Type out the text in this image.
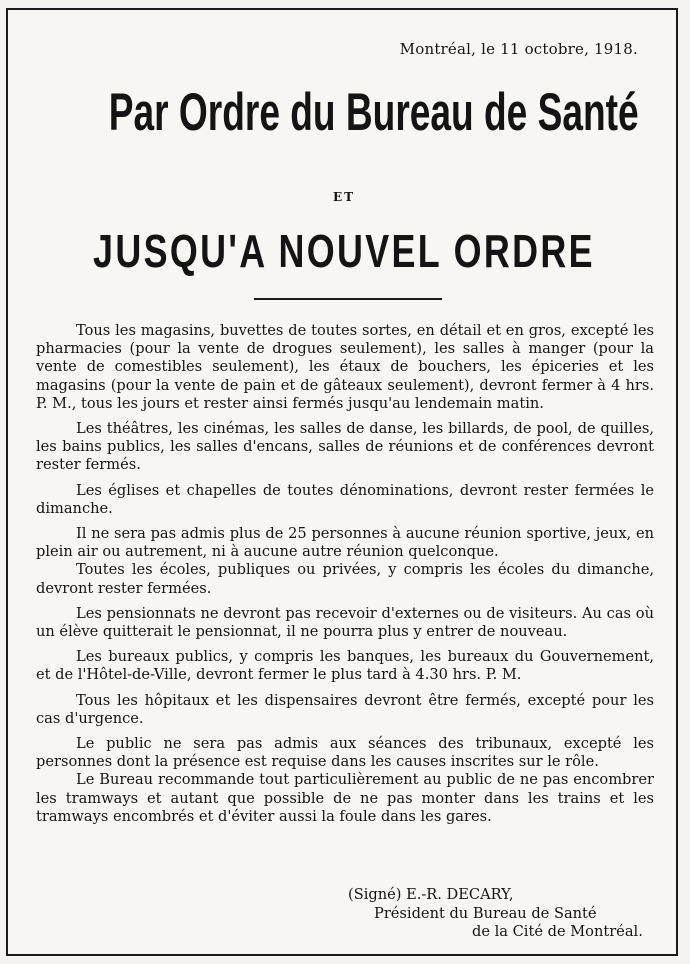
Montréal, le 11 octobre, 1918.
Par Ordre du Bureau de Santé
ET
JUSQU'A NOUVEL ORDRE

Tous les magasins, buvettes de toutes sortes, en détail et en gros, excepté les pharmacies (pour la vente de drogues seulement), les salles à manger (pour la vente de comestibles seulement), les étaux de bouchers, les épiceries et les magasins (pour la vente de pain et de gâteaux seulement), devront fermer à 4 hrs. P. M., tous les jours et rester ainsi fermés jusqu'au lendemain matin.

Les théâtres, les cinémas, les salles de danse, les billards, de pool, de quilles, les bains publics, les salles d'encans, salles de réunions et de conférences devront rester fermés.

Les églises et chapelles de toutes dénominations, devront rester fermées le dimanche.

Il ne sera pas admis plus de 25 personnes à aucune réunion sportive, jeux, en plein air ou autrement, ni à aucune autre réunion quelconque.

Toutes les écoles, publiques ou privées, y compris les écoles du dimanche, devront rester fermées.

Les pensionnats ne devront pas recevoir d'externes ou de visiteurs. Au cas où un élève quitterait le pensionnat, il ne pourra plus y entrer de nouveau.

Les bureaux publics, y compris les banques, les bureaux du Gouvernement, et de l'Hôtel-de-Ville, devront fermer le plus tard à 4.30 hrs. P. M.

Tous les hôpitaux et les dispensaires devront être fermés, excepté pour les cas d'urgence.

Le public ne sera pas admis aux séances des tribunaux, excepté les personnes dont la présence est requise dans les causes inscrites sur le rôle.

Le Bureau recommande tout particulièrement au public de ne pas encombrer les tramways et autant que possible de ne pas monter dans les trains et les tramways encombrés et d'éviter aussi la foule dans les gares.

(Signé) E.-R. DECARY,
Président du Bureau de Santé
de la Cité de Montréal.
